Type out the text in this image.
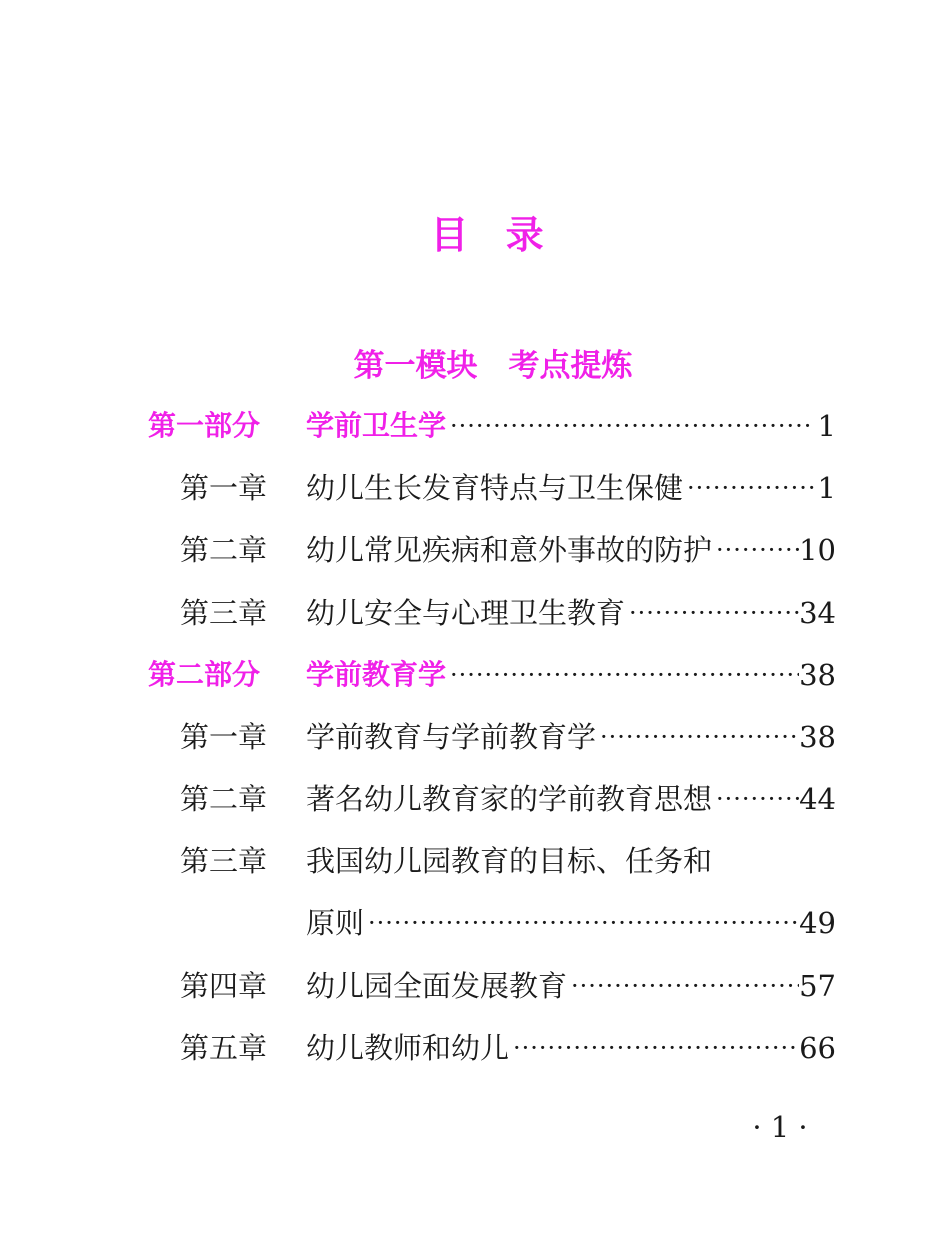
目 录
第一模块　考点提炼
第一部分	学前卫生学 ·····	1
第一章	幼儿生长发育特点与卫生保健 ·····	1
第二章	幼儿常见疾病和意外事故的防护 ·····	10
第三章	幼儿安全与心理卫生教育 ·····	34
第二部分	学前教育学 ·····	38
第一章	学前教育与学前教育学 ·····	38
第二章	著名幼儿教育家的学前教育思想 ·····	44
第三章	我国幼儿园教育的目标、任务和
原则 ·····	49
第四章	幼儿园全面发展教育 ·····	57
第五章	幼儿教师和幼儿 ·····	66
· 1 ·
